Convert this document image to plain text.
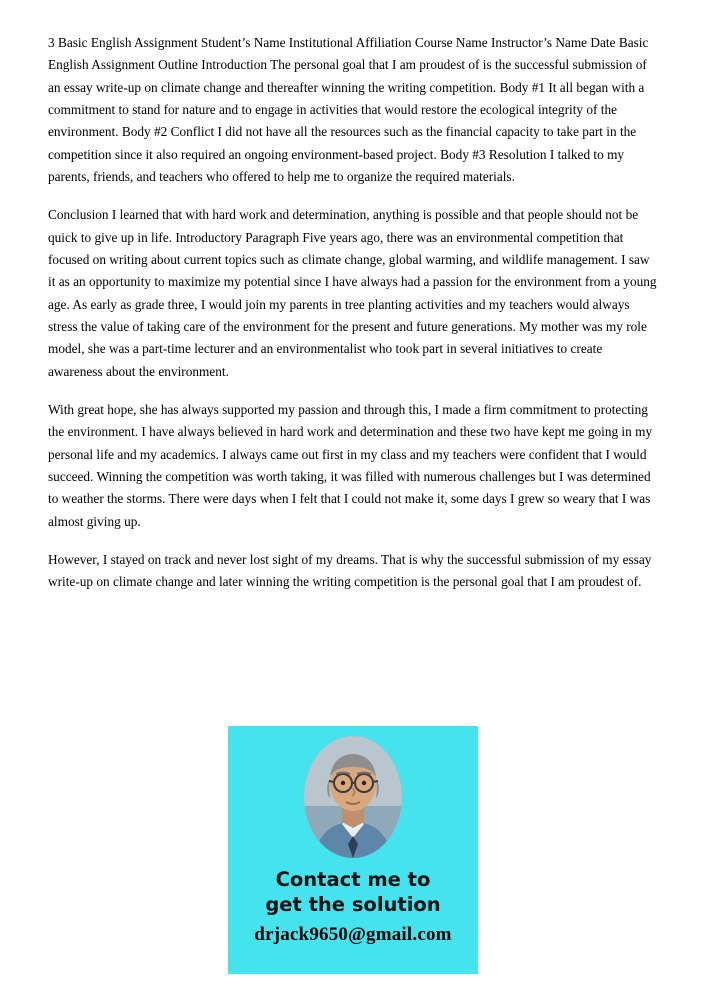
3 Basic English Assignment Student’s Name Institutional Affiliation Course Name Instructor’s Name Date Basic English Assignment Outline Introduction The personal goal that I am proudest of is the successful submission of an essay write-up on climate change and thereafter winning the writing competition. Body #1 It all began with a commitment to stand for nature and to engage in activities that would restore the ecological integrity of the environment. Body #2 Conflict I did not have all the resources such as the financial capacity to take part in the competition since it also required an ongoing environment-based project. Body #3 Resolution I talked to my parents, friends, and teachers who offered to help me to organize the required materials.

Conclusion I learned that with hard work and determination, anything is possible and that people should not be quick to give up in life. Introductory Paragraph Five years ago, there was an environmental competition that focused on writing about current topics such as climate change, global warming, and wildlife management. I saw it as an opportunity to maximize my potential since I have always had a passion for the environment from a young age. As early as grade three, I would join my parents in tree planting activities and my teachers would always stress the value of taking care of the environment for the present and future generations. My mother was my role model, she was a part-time lecturer and an environmentalist who took part in several initiatives to create awareness about the environment.

With great hope, she has always supported my passion and through this, I made a firm commitment to protecting the environment. I have always believed in hard work and determination and these two have kept me going in my personal life and my academics. I always came out first in my class and my teachers were confident that I would succeed. Winning the competition was worth taking, it was filled with numerous challenges but I was determined to weather the storms. There were days when I felt that I could not make it, some days I grew so weary that I was almost giving up.

However, I stayed on track and never lost sight of my dreams. That is why the successful submission of my essay write-up on climate change and later winning the writing competition is the personal goal that I am proudest of.

Contact me to
get the solution
drjack9650@gmail.com
